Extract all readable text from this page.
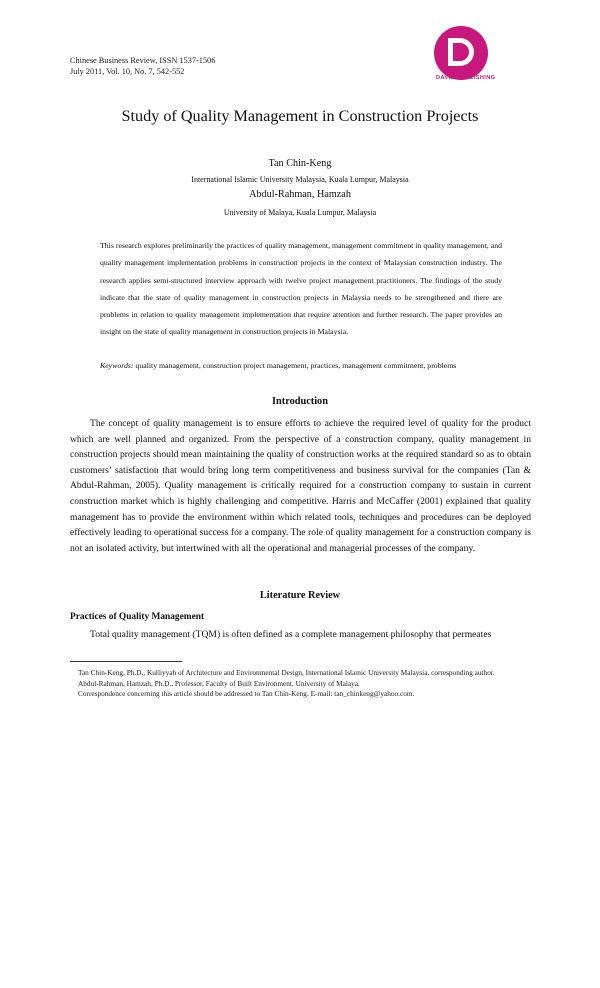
Chinese Business Review, ISSN 1537-1506
July 2011, Vol. 10, No. 7, 542-552
DAVID PUBLISHING
Study of Quality Management in Construction Projects
Tan Chin-Keng
International Islamic University Malaysia, Kuala Lumpur, Malaysia
Abdul-Rahman, Hamzah
University of Malaya, Kuala Lumpur, Malaysia
This research explores preliminarily the practices of quality management, management commitment in quality management, and quality management implementation problems in construction projects in the context of Malaysian construction industry. The research applies semi-structured interview approach with twelve project management practitioners. The findings of the study indicate that the state of quality management in construction projects in Malaysia needs to be strengthened and there are problems in relation to quality management implementation that require attention and further research. The paper provides an insight on the state of quality management in construction projects in Malaysia.
Keywords: quality management, construction project management, practices, management commitment, problems
Introduction
The concept of quality management is to ensure efforts to achieve the required level of quality for the product which are well planned and organized. From the perspective of a construction company, quality management in construction projects should mean maintaining the quality of construction works at the required standard so as to obtain customers’ satisfaction that would bring long term competitiveness and business survival for the companies (Tan & Abdul-Rahman, 2005). Quality management is critically required for a construction company to sustain in current construction market which is highly challenging and competitive. Harris and McCaffer (2001) explained that quality management has to provide the environment within which related tools, techniques and procedures can be deployed effectively leading to operational success for a company. The role of quality management for a construction company is not an isolated activity, but intertwined with all the operational and managerial processes of the company.
Literature Review
Practices of Quality Management
Total quality management (TQM) is often defined as a complete management philosophy that permeates
Tan Chin-Keng, Ph.D., Kulliyyah of Architecture and Environmental Design, International Islamic University Malaysia, corresponding author.
Abdul-Rahman, Hamzah, Ph.D., Professor, Faculty of Built Environment, University of Malaya.
Correspondence concerning this article should be addressed to Tan Chin-Keng. E-mail: tan_chinkeng@yahoo.com.
